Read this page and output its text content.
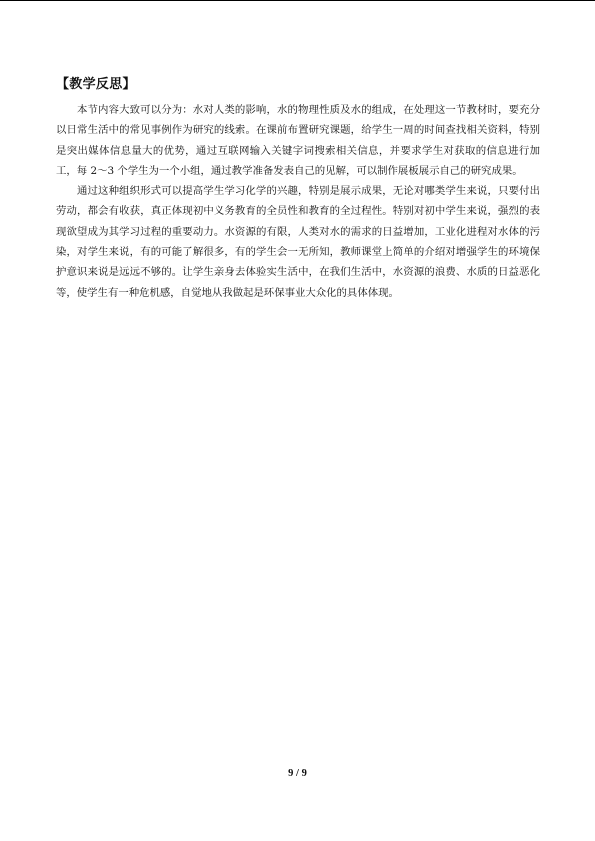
【教学反思】

本节内容大致可以分为：水对人类的影响，水的物理性质及水的组成，在处理这一节教材时，要充分以日常生活中的常见事例作为研究的线索。在课前布置研究课题，给学生一周的时间查找相关资料，特别是突出媒体信息量大的优势，通过互联网输入关键字词搜索相关信息，并要求学生对获取的信息进行加工，每 2～3 个学生为一个小组，通过教学准备发表自己的见解，可以制作展板展示自己的研究成果。

通过这种组织形式可以提高学生学习化学的兴趣，特别是展示成果，无论对哪类学生来说，只要付出劳动，都会有收获，真正体现初中义务教育的全员性和教育的全过程性。特别对初中学生来说，强烈的表现欲望成为其学习过程的重要动力。水资源的有限，人类对水的需求的日益增加，工业化进程对水体的污染，对学生来说，有的可能了解很多，有的学生会一无所知，教师课堂上简单的介绍对增强学生的环境保护意识来说是远远不够的。让学生亲身去体验实生活中，在我们生活中，水资源的浪费、水质的日益恶化等，使学生有一种危机感，自觉地从我做起是环保事业大众化的具体体现。

9 / 9
